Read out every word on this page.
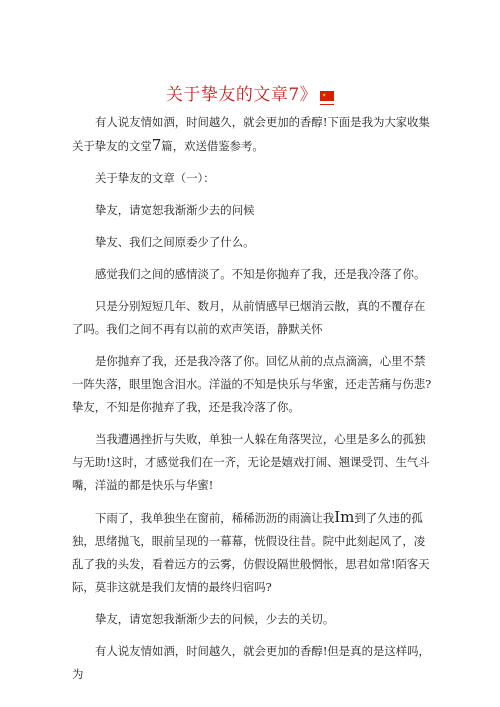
关于挚友的文章7》

有人说友情如酒，时间越久，就会更加的香醇!下面是我为大家收集关于挚友的文堂7篇，欢送借鉴参考。

关于挚友的文章（一）：

挚友，请宽恕我渐渐少去的问候

挚友、我们之间原委少了什么。

感觉我们之间的感情淡了。不知是你抛弃了我，还是我冷落了你。

只是分别短短几年、数月，从前情感早已烟消云散，真的不覆存在了吗。我们之间不再有以前的欢声笑语，静默关怀

是你抛弃了我，还是我冷落了你。回忆从前的点点滴滴，心里不禁一阵失落，眼里饱含泪水。洋溢的不知是快乐与华蜜，还走苦痛与伤悲?挚友，不知是你抛弃了我，还是我冷落了你。

当我遭遇挫折与失败，单独一人躲在角落哭泣，心里是多么的孤独与无助!这时，才感觉我们在一齐，无论是嬉戏打闹、翘课受罚、生气斗嘴，洋溢的都是快乐与华蜜!

下雨了，我单独坐在窗前，稀稀沥沥的雨滴让我Im到了久违的孤独，思绪抛飞，眼前呈现的一幕幕，恍假设往昔。院中此刻起风了，凌乱了我的头发，看着远方的云雾，仿假设隔世般惘怅，思君如常!陌客天际，莫非这就是我们友情的最终归宿吗?

挚友，请宽恕我渐渐少去的问候，少去的关切。

有人说友情如酒，时间越久，就会更加的香醇!但是真的是这样吗，为
